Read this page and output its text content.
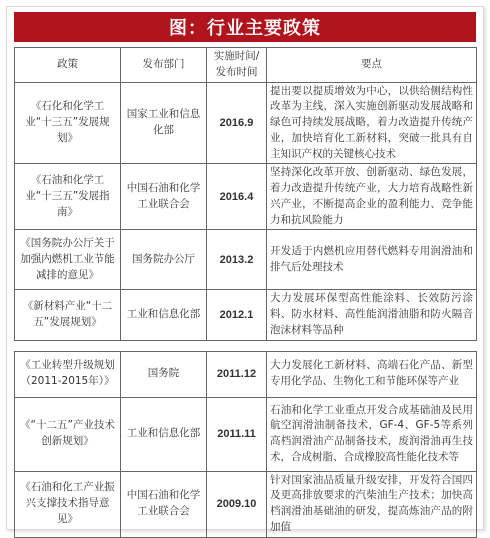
图：行业主要政策
政策	发布部门	实施时间/发布时间	要点
《石化和化学工业“十三五”发展规划》	国家工业和信息化部	2016.9	提出要以提质增效为中心，以供给侧结构性改革为主线，深入实施创新驱动发展战略和绿色可持续发展战略，着力改造提升传统产业，加快培育化工新材料，突破一批具有自主知识产权的关键核心技术
《石油和化学工业“十三五”发展指南》	中国石油和化学工业联合会	2016.4	坚持深化改革开放、创新驱动、绿色发展，着力改造提升传统产业，大力培育战略性新兴产业，不断提高企业的盈利能力、竞争能力和抗风险能力
《国务院办公厅关于加强内燃机工业节能减排的意见》	国务院办公厅	2013.2	开发适于内燃机应用替代燃料专用润滑油和排气后处理技术
《新材料产业“十二五”发展规划》	工业和信息化部	2012.1	大力发展环保型高性能涂料、长效防污涂料、防水材料、高性能润滑油脂和防火隔音泡沫材料等品种

《工业转型升级规划（2011-2015年）》	国务院	2011.12	大力发展化工新材料、高端石化产品、新型专用化学品、生物化工和节能环保等产业
《“十二五”产业技术创新规划》	工业和信息化部	2011.11	石油和化学工业重点开发合成基础油及民用航空润滑油制备技术，GF-4、GF-5等系列高档润滑油产品制备技术，废润滑油再生技术，合成树脂、合成橡胶高性能化技术等
《石油和化工产业振兴支撑技术指导意见》	中国石油和化学工业联合会	2009.10	针对国家油品质量升级安排，开发符合国四及更高排放要求的汽柴油生产技术；加快高档润滑油基础油的研发，提高炼油产品的附加值
